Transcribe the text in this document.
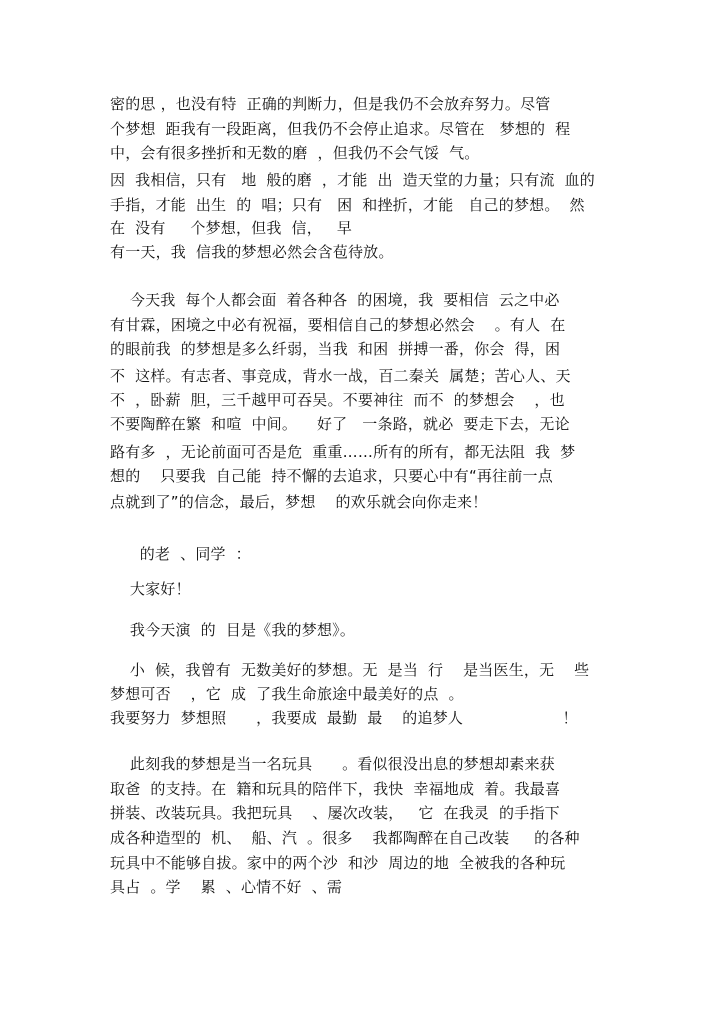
密的思 ，也没有特  正确的判断力，但是我仍不会放弃努力。尽管
个梦想  距我有一段距离，但我仍不会停止追求。尽管在   梦想的  程
中，会有很多挫折和无数的磨  ，但我仍不会气馁  气。
因  我相信，只有   地  般的磨  ，才能  出  造天堂的力量；只有流  血的
手指，才能  出生  的  唱；只有   困  和挫折，才能   自己的梦想。  然
在  没有     个梦想，但我  信，   早
有一天，我  信我的梦想必然会含苞待放。
今天我  每个人都会面  着各种各  的困境，我  要相信  云之中必
有甘霖，困境之中必有祝福，要相信自己的梦想必然会    。有人  在
的眼前我  的梦想是多么纤弱，当我  和困  拼搏一番，你会  得，困
不  这样。有志者、事竞成，背水一战，百二秦关  属楚；苦心人、天
不  ，卧薪  胆，三千越甲可吞吴。不要神往  而不  的梦想会    ，也
不要陶醉在繁  和喧  中间。    好了   一条路，就必  要走下去，无论
路有多  ，无论前面可否是危  重重……所有的所有，都无法阻  我  梦
想的    只要我  自己能  持不懈的去追求，只要心中有“再往前一点
点就到了”的信念，最后，梦想    的欢乐就会向你走来！
的老  、同学  ：
大家好！
我今天演  的  目是《我的梦想》。
小  候，我曾有  无数美好的梦想。无  是当  行    是当医生，无    些
梦想可否    ，它  成  了我生命旅途中最美好的点  。
我要努力  梦想照      ，我要成  最勤  最    的追梦人                    ！
此刻我的梦想是当一名玩具      。看似很没出息的梦想却素来获
取爸  的支持。在  籍和玩具的陪伴下，我快  幸福地成  着。我最喜
拼装、改装玩具。我把玩具    、屡次改装，   它  在我灵  的手指下
成各种造型的  机、  船、汽  。很多    我都陶醉在自己改装     的各种
玩具中不能够自拔。家中的两个沙  和沙  周边的地  全被我的各种玩
具占  。学    累  、心情不好  、需
